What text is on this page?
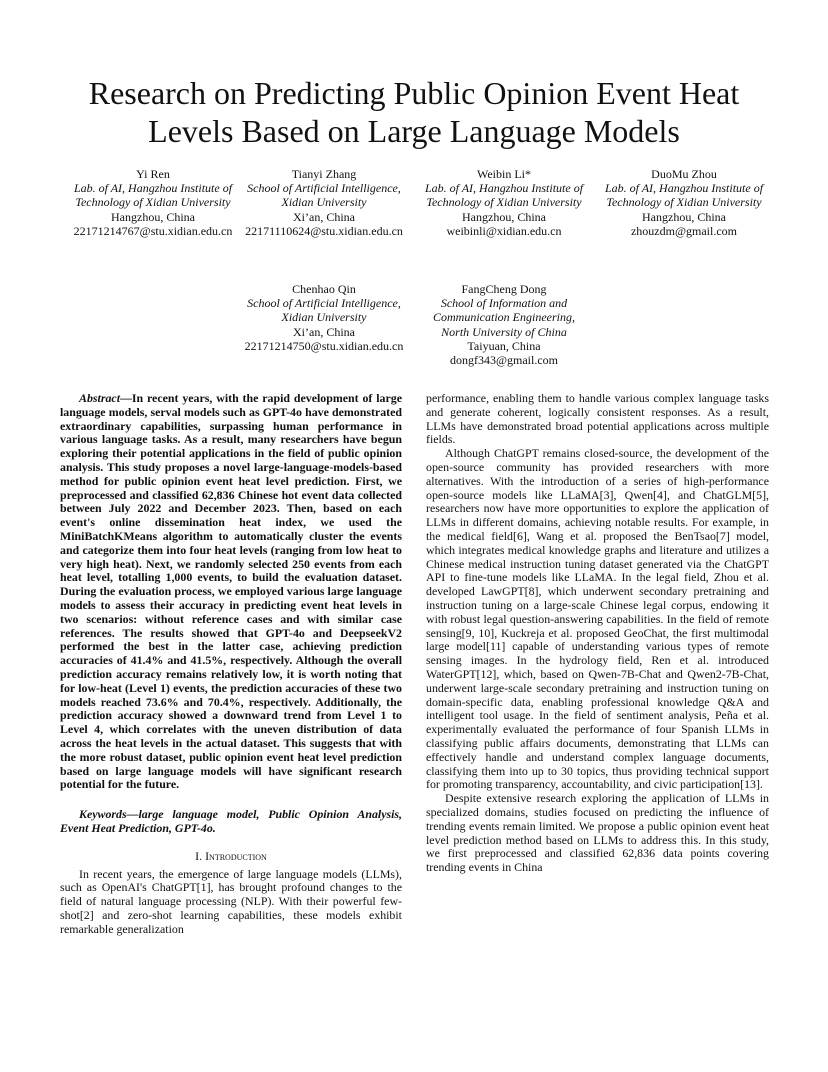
Research on Predicting Public Opinion Event Heat
Levels Based on Large Language Models
Yi Ren
Lab. of AI, Hangzhou Institute of
Technology of Xidian University
Hangzhou, China
22171214767@stu.xidian.edu.cn
Tianyi Zhang
School of Artificial Intelligence,
Xidian University
Xi’an, China
22171110624@stu.xidian.edu.cn
Weibin Li*
Lab. of AI, Hangzhou Institute of
Technology of Xidian University
Hangzhou, China
weibinli@xidian.edu.cn
DuoMu Zhou
Lab. of AI, Hangzhou Institute of
Technology of Xidian University
Hangzhou, China
zhouzdm@gmail.com
Chenhao Qin
School of Artificial Intelligence,
Xidian University
Xi’an, China
22171214750@stu.xidian.edu.cn
FangCheng Dong
School of Information and
Communication Engineering,
North University of China
Taiyuan, China
dongf343@gmail.com

Abstract—In recent years, with the rapid development of large language models, serval models such as GPT-4o have demonstrated extraordinary capabilities, surpassing human performance in various language tasks. As a result, many researchers have begun exploring their potential applications in the field of public opinion analysis. This study proposes a novel large-language-models-based method for public opinion event heat level prediction. First, we preprocessed and classified 62,836 Chinese hot event data collected between July 2022 and December 2023. Then, based on each event's online dissemination heat index, we used the MiniBatchKMeans algorithm to automatically cluster the events and categorize them into four heat levels (ranging from low heat to very high heat). Next, we randomly selected 250 events from each heat level, totalling 1,000 events, to build the evaluation dataset. During the evaluation process, we employed various large language models to assess their accuracy in predicting event heat levels in two scenarios: without reference cases and with similar case references. The results showed that GPT-4o and DeepseekV2 performed the best in the latter case, achieving prediction accuracies of 41.4% and 41.5%, respectively. Although the overall prediction accuracy remains relatively low, it is worth noting that for low-heat (Level 1) events, the prediction accuracies of these two models reached 73.6% and 70.4%, respectively. Additionally, the prediction accuracy showed a downward trend from Level 1 to Level 4, which correlates with the uneven distribution of data across the heat levels in the actual dataset. This suggests that with the more robust dataset, public opinion event heat level prediction based on large language models will have significant research potential for the future.

Keywords—large language model, Public Opinion Analysis, Event Heat Prediction, GPT-4o.

I. Introduction

In recent years, the emergence of large language models (LLMs), such as OpenAI's ChatGPT[1], has brought profound changes to the field of natural language processing (NLP). With their powerful few-shot[2] and zero-shot learning capabilities, these models exhibit remarkable generalization

performance, enabling them to handle various complex language tasks and generate coherent, logically consistent responses. As a result, LLMs have demonstrated broad potential applications across multiple fields.

Although ChatGPT remains closed-source, the development of the open-source community has provided researchers with more alternatives. With the introduction of a series of high-performance open-source models like LLaMA[3], Qwen[4], and ChatGLM[5], researchers now have more opportunities to explore the application of LLMs in different domains, achieving notable results. For example, in the medical field[6], Wang et al. proposed the BenTsao[7] model, which integrates medical knowledge graphs and literature and utilizes a Chinese medical instruction tuning dataset generated via the ChatGPT API to fine-tune models like LLaMA. In the legal field, Zhou et al. developed LawGPT[8], which underwent secondary pretraining and instruction tuning on a large-scale Chinese legal corpus, endowing it with robust legal question-answering capabilities. In the field of remote sensing[9, 10], Kuckreja et al. proposed GeoChat, the first multimodal large model[11] capable of understanding various types of remote sensing images. In the hydrology field, Ren et al. introduced WaterGPT[12], which, based on Qwen-7B-Chat and Qwen2-7B-Chat, underwent large-scale secondary pretraining and instruction tuning on domain-specific data, enabling professional knowledge Q&A and intelligent tool usage. In the field of sentiment analysis, Peña et al. experimentally evaluated the performance of four Spanish LLMs in classifying public affairs documents, demonstrating that LLMs can effectively handle and understand complex language documents, classifying them into up to 30 topics, thus providing technical support for promoting transparency, accountability, and civic participation[13].

Despite extensive research exploring the application of LLMs in specialized domains, studies focused on predicting the influence of trending events remain limited. We propose a public opinion event heat level prediction method based on LLMs to address this. In this study, we first preprocessed and classified 62,836 data points covering trending events in China
